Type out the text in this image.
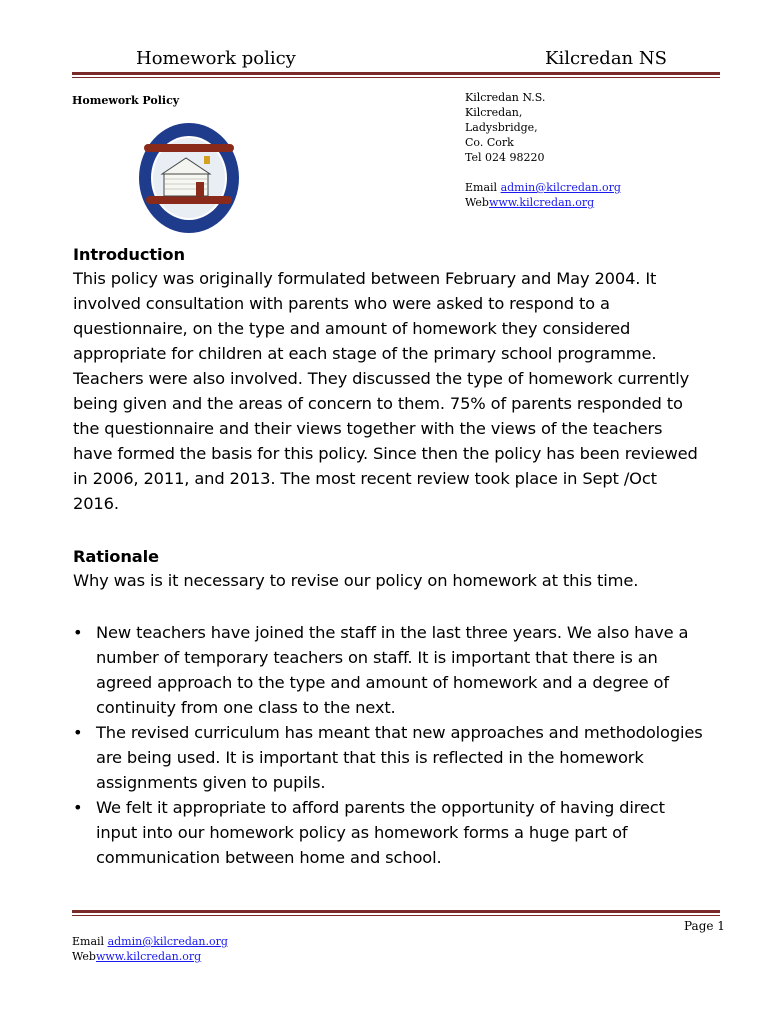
Homework policy	Kilcredan NS
Homework Policy	Kilcredan N.S.
Kilcredan,
Ladysbridge,
Co. Cork
Tel 024 98220
Email admin@kilcredan.org
Webwww.kilcredan.org
Introduction
This policy was originally formulated between February and May 2004. It
involved consultation with parents who were asked to respond to a
questionnaire, on the type and amount of homework they considered
appropriate for children at each stage of the primary school programme.
Teachers were also involved. They discussed the type of homework currently
being given and the areas of concern to them. 75% of parents responded to
the questionnaire and their views together with the views of the teachers
have formed the basis for this policy. Since then the policy has been reviewed
in 2006, 2011, and 2013. The most recent review took place in Sept /Oct
2016.
Rationale
Why was is it necessary to revise our policy on homework at this time.
• New teachers have joined the staff in the last three years. We also have a
number of temporary teachers on staff. It is important that there is an
agreed approach to the type and amount of homework and a degree of
continuity from one class to the next.
• The revised curriculum has meant that new approaches and methodologies
are being used. It is important that this is reflected in the homework
assignments given to pupils.
• We felt it appropriate to afford parents the opportunity of having direct
input into our homework policy as homework forms a huge part of
communication between home and school.
Page 1
Email admin@kilcredan.org
Webwww.kilcredan.org
